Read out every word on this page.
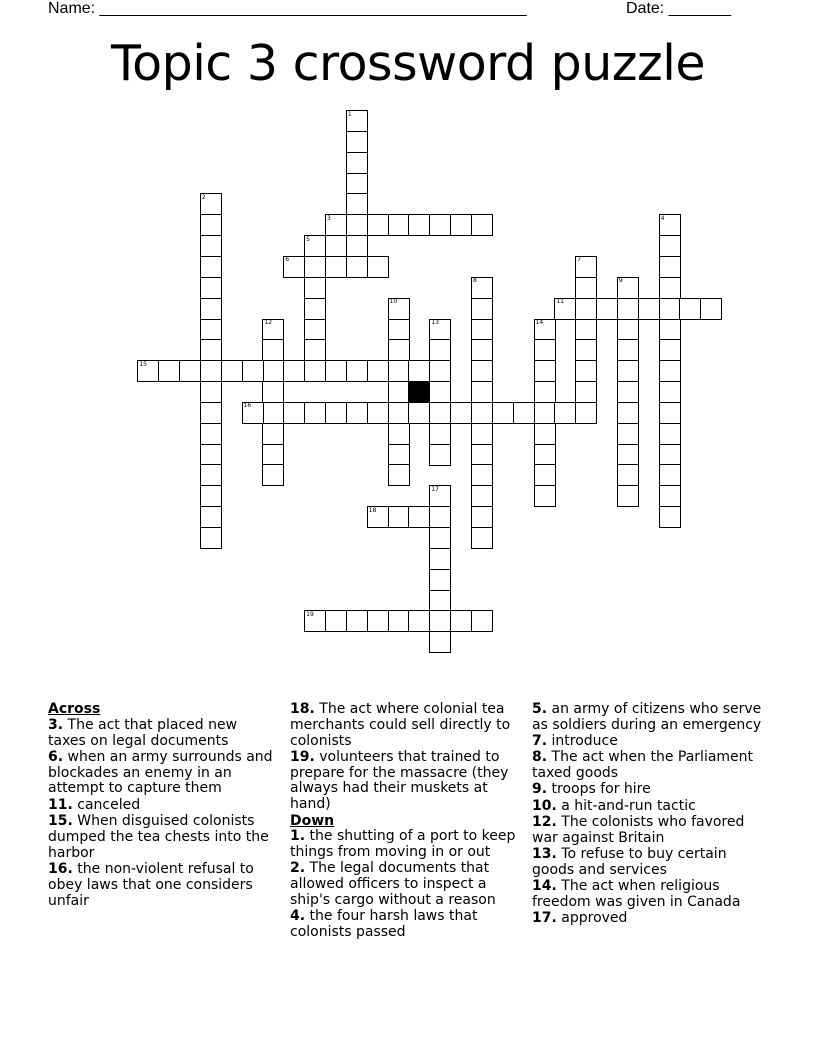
Name: ________________________________________________	Date: _______
Topic 3 crossword puzzle
1
2
3	4
5
6	7
8	9
10	11
12	13	14
15
16
17
18
19
Across
3. The act that placed new taxes on legal documents
6. when an army surrounds and blockades an enemy in an attempt to capture them
11. canceled
15. When disguised colonists dumped the tea chests into the harbor
16. the non-violent refusal to obey laws that one considers unfair
18. The act where colonial tea merchants could sell directly to colonists
19. volunteers that trained to prepare for the massacre (they always had their muskets at hand)
Down
1. the shutting of a port to keep things from moving in or out
2. The legal documents that allowed officers to inspect a ship's cargo without a reason
4. the four harsh laws that colonists passed
5. an army of citizens who serve as soldiers during an emergency
7. introduce
8. The act when the Parliament taxed goods
9. troops for hire
10. a hit-and-run tactic
12. The colonists who favored war against Britain
13. To refuse to buy certain goods and services
14. The act when religious freedom was given in Canada
17. approved
